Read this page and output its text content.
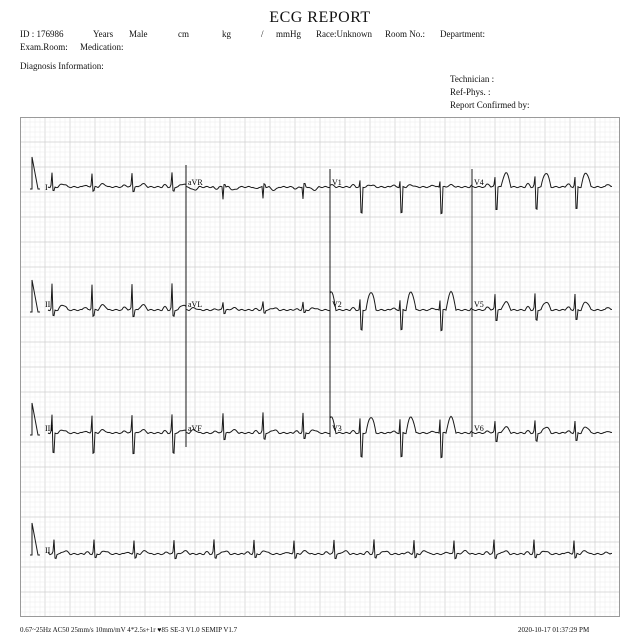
ECG REPORT
ID : 176986	Years Male	cm	kg	/ mmHg Race:Unknown Room No.: Department:
Exam.Room: Medication:
Diagnosis Information:
Technician :
Ref-Phys. :
Report Confirmed by:
I
aVR	V1	V4
II	aVL	V2	V5
III	aVF	V3	V6
II
0.67~25Hz AC50 25mm/s 10mm/mV 4*2.5s+1r ♥85 SE-3 V1.0 SEMIP V1.7	2020-10-17 01:37:29 PM
